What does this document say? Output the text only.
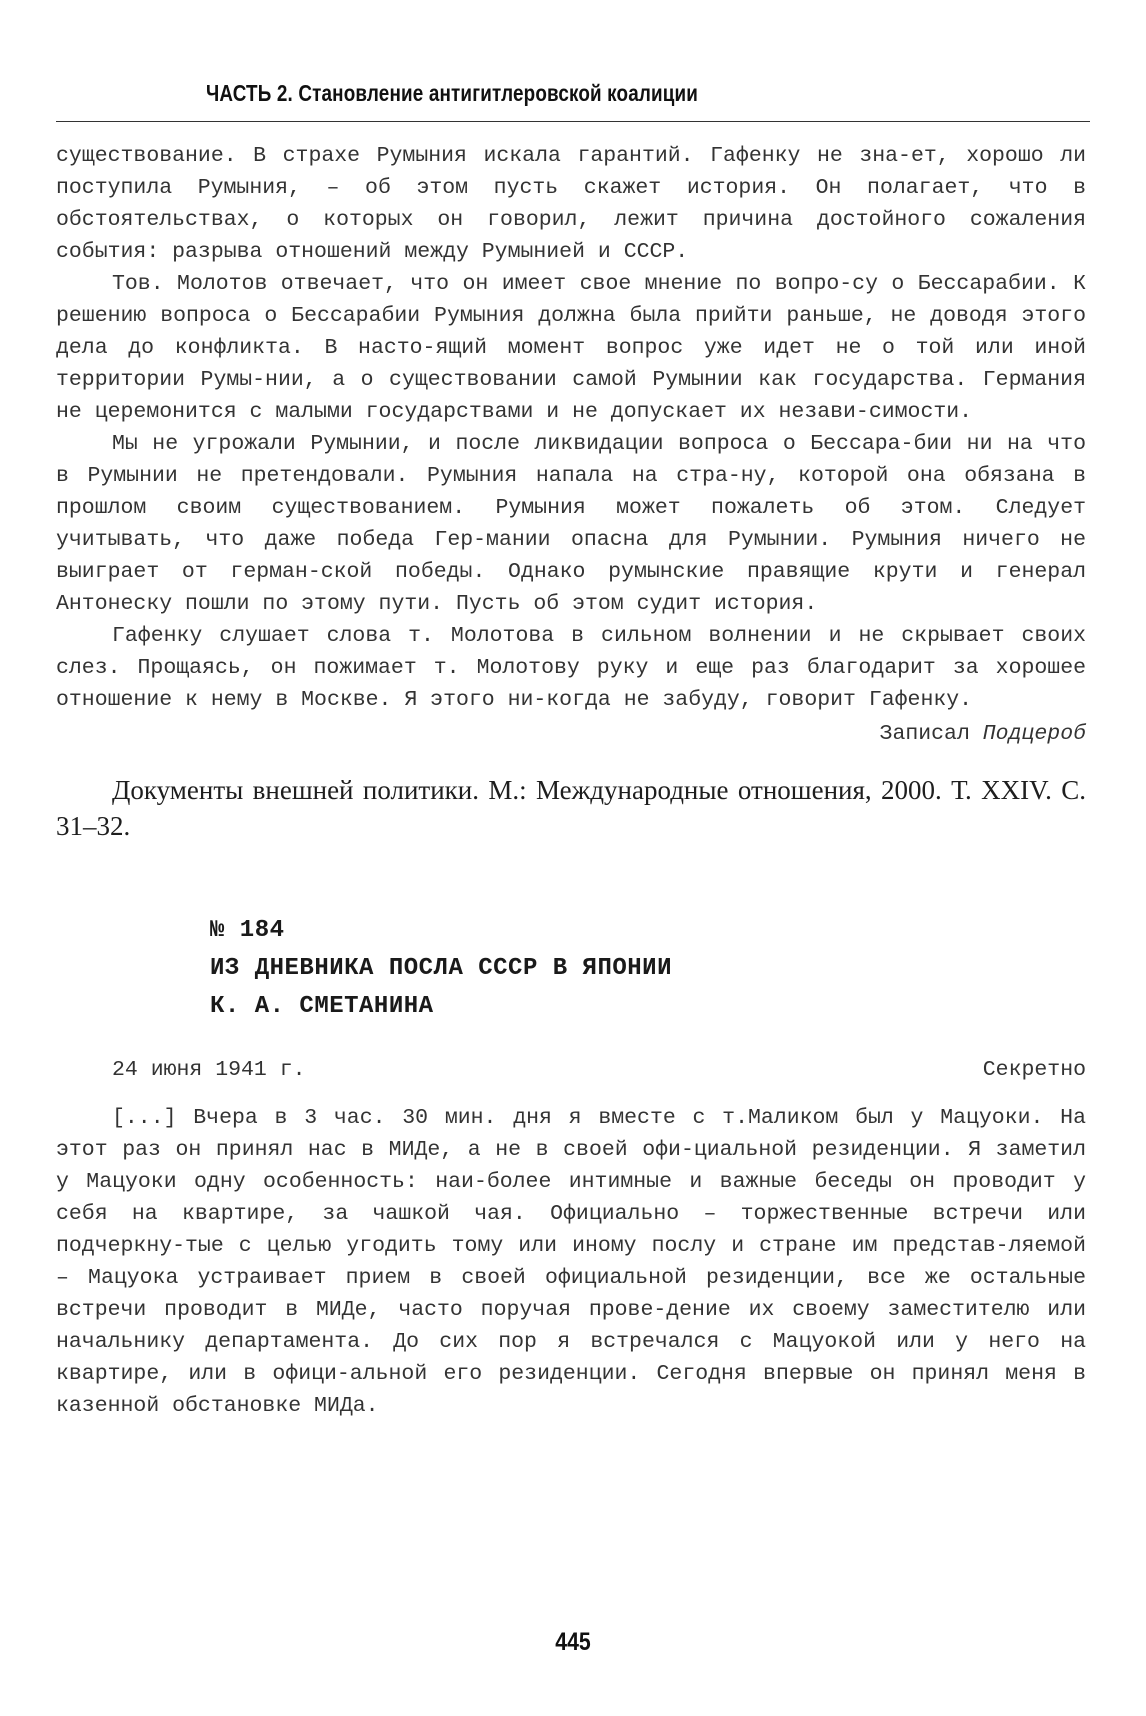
ЧАСТЬ 2. Становление антигитлеровской коалиции

существование. В страхе Румыния искала гарантий. Гафенку не зна-ет, хорошо ли поступила Румыния, – об этом пусть скажет история. Он полагает, что в обстоятельствах, о которых он говорил, лежит причина достойного сожаления события: разрыва отношений между Румынией и СССР.

Тов. Молотов отвечает, что он имеет свое мнение по вопро-су о Бессарабии. К решению вопроса о Бессарабии Румыния должна была прийти раньше, не доводя этого дела до конфликта. В насто-ящий момент вопрос уже идет не о той или иной территории Румы-нии, а о существовании самой Румынии как государства. Германия не церемонится с малыми государствами и не допускает их незави-симости.

Мы не угрожали Румынии, и после ликвидации вопроса о Бессара-бии ни на что в Румынии не претендовали. Румыния напала на стра-ну, которой она обязана в прошлом своим существованием. Румыния может пожалеть об этом. Следует учитывать, что даже победа Гер-мании опасна для Румынии. Румыния ничего не выиграет от герман-ской победы. Однако румынские правящие крути и генерал Антонеску пошли по этому пути. Пусть об этом судит история.

Гафенку слушает слова т. Молотова в сильном волнении и не скрывает своих слез. Прощаясь, он пожимает т. Молотову руку и еще раз благодарит за хорошее отношение к нему в Москве. Я этого ни-когда не забуду, говорит Гафенку.

Записал Подцероб

Документы внешней политики. М.: Международные отношения, 2000. Т. XXIV. С. 31–32.

№ 184
ИЗ ДНЕВНИКА ПОСЛА СССР В ЯПОНИИ
К. А. СМЕТАНИНА
24 июня 1941 г.	Секретно

[...] Вчера в 3 час. 30 мин. дня я вместе с т.Маликом был у Мацуоки. На этот раз он принял нас в МИДе, а не в своей офи-циальной резиденции. Я заметил у Мацуоки одну особенность: наи-более интимные и важные беседы он проводит у себя на квартире, за чашкой чая. Официально – торжественные встречи или подчеркну-тые с целью угодить тому или иному послу и стране им представ-ляемой – Мацуока устраивает прием в своей официальной резиденции, все же остальные встречи проводит в МИДе, часто поручая прове-дение их своему заместителю или начальнику департамента. До сих пор я встречался с Мацуокой или у него на квартире, или в офици-альной его резиденции. Сегодня впервые он принял меня в казенной обстановке МИДа.

445
